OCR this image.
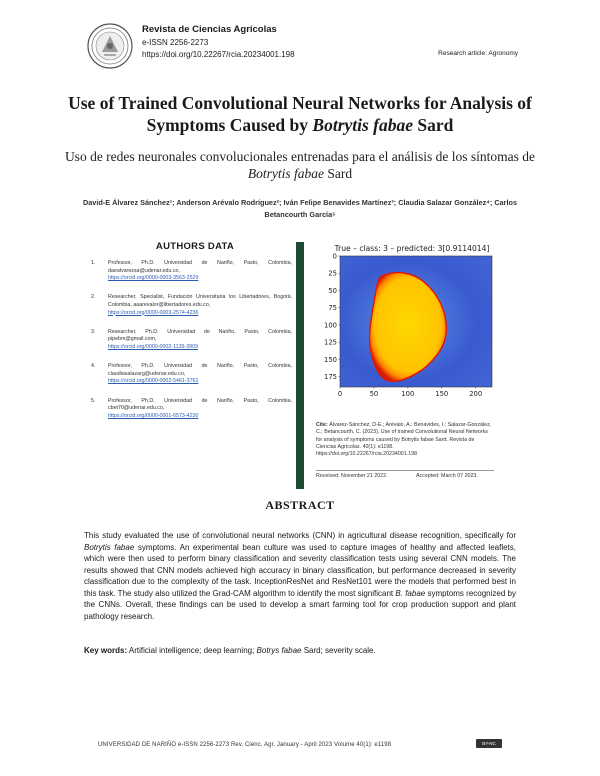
Revista de Ciencias Agrícolas
e-ISSN 2256-2273
https://doi.org/10.22267/rcia.20234001.198	Research article: Agronomy
Use of Trained Convolutional Neural Networks for Analysis of Symptoms Caused by Botrytis fabae Sard
Uso de redes neuronales convolucionales entrenadas para el análisis de los síntomas de Botrytis fabae Sard
David-E Álvarez Sánchez¹; Anderson Arévalo Rodríguez²; Iván Felipe Benavides Martínez³; Claudia Salazar González⁴; Carlos Betancourth García⁵
AUTHORS DATA
1. Professor, Ph.D. Universidad de Nariño, Pasto, Colombia, daealvarezsa@udenar.edu.co,
https://orcid.org/0000-0003-3563-2529
2. Researcher, Specialist, Fundación Universitaria los Libertadores, Bogotá, Colombia, aaarevalor@libertadores.edu.co,
https://orcid.org/0000-0003-2574-4236
3. Researcher, Ph.D. Universidad de Nariño, Pasto, Colombia, pipebm@gmail.com,
https://orcid.org/0000-0002-1139-3909
4. Professor, Ph.D. Universidad de Nariño, Pasto, Colombia, claudiasalazarg@udenar.edu.co,
https://orcid.org/0000-0002-5461-3761
5. Professor, Ph.D. Universidad de Nariño, Pasto, Colombia, cbet70@udenar.edu.co,
https://orcid.org/0000-0001-6573-4230
True – class: 3 – predicted: 3[0.9114014]
0
25
50
75
100
125
150
175
0	50	100	150	200
Cite: Álvarez-Sánchez, D-E.; Arévalo, A.; Benavides, I.; Salazar-González, C.; Betancourth, C. (2023). Use of trained Convolutional Neural Networks for analysis of symptoms caused by Botrytis fabae Sard. Revista de Ciencias Agrícolas. 40(1): e1198. https://doi.org/10.22267/rcia.20234001.198
Received: November 21 2022.	Accepted: March 07 2023.
ABSTRACT
This study evaluated the use of convolutional neural networks (CNN) in agricultural disease recognition, specifically for Botrytis fabae symptoms. An experimental bean culture was used to capture images of healthy and affected leaflets, which were then used to perform binary classification and severity classification tests using several CNN models. The results showed that CNN models achieved high accuracy in binary classification, but performance decreased in severity classification due to the complexity of the task. InceptionResNet and ResNet101 were the models that performed best in this task. The study also utilized the Grad-CAM algorithm to identify the most significant B. fabae symptoms recognized by the CNNs. Overall, these findings can be used to develop a smart farming tool for crop production support and plant pathology research.
Key words: Artificial intelligence; deep learning; Botrys fabae Sard; severity scale.
UNIVERSIDAD DE NARIÑO e-ISSN 2256-2273 Rev. Cienc. Agr. January - April 2023 Volume 40(1): e1198	BY-NC
